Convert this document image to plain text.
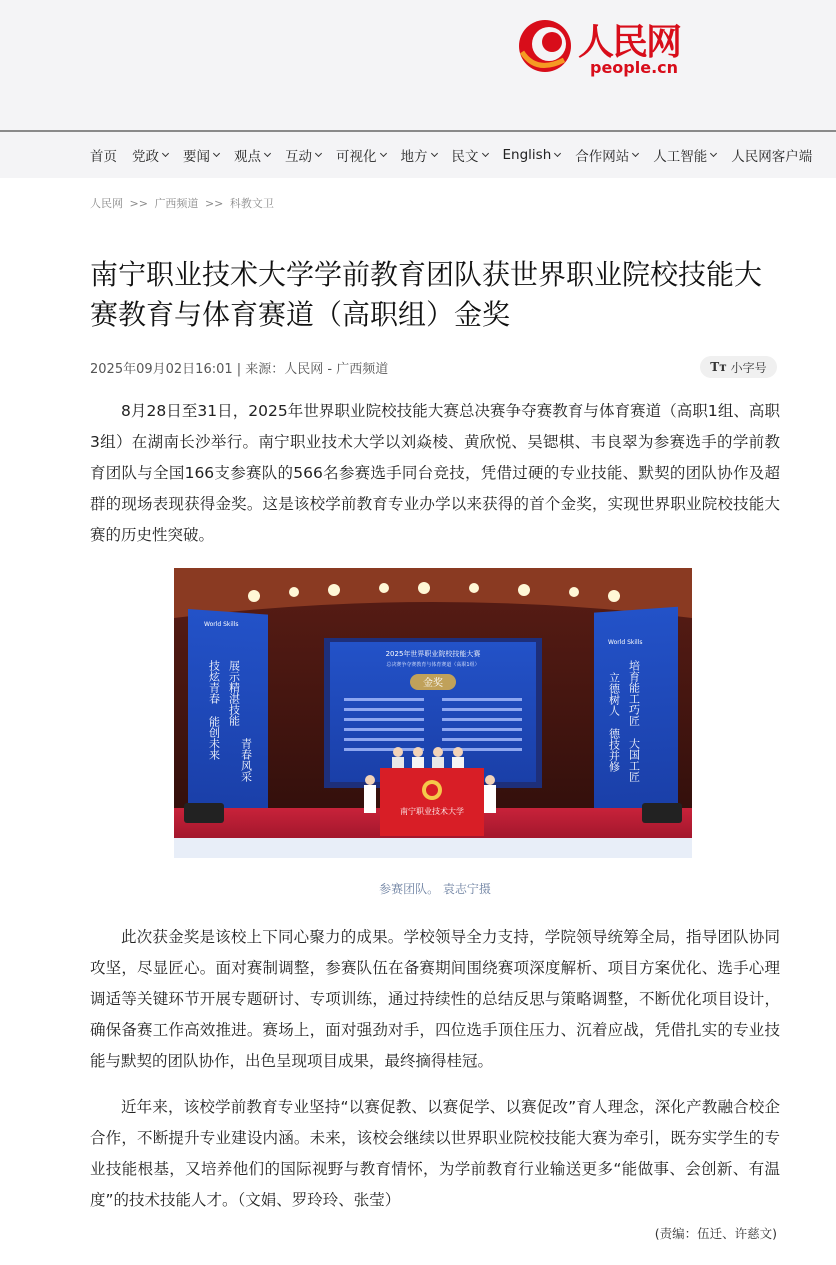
人民网
people.cn
首页 党政 要闻 观点 互动 可视化 地方 民文 English 合作网站 人工智能 人民网客户端
人民网 >> 广西频道 >> 科教文卫
南宁职业技术大学学前教育团队获世界职业院校技能大赛教育与体育赛道（高职组）金奖
2025年09月02日16:01 | 来源：人民网 - 广西频道	Tт 小字号

8月28日至31日，2025年世界职业院校技能大赛总决赛争夺赛教育与体育赛道（高职1组、高职3组）在湖南长沙举行。南宁职业技术大学以刘焱棱、黄欣悦、吴锶棋、韦良翠为参赛选手的学前教育团队与全国166支参赛队的566名参赛选手同台竞技，凭借过硬的专业技能、默契的团队协作及超群的现场表现获得金奖。这是该校学前教育专业办学以来获得的首个金奖，实现世界职业院校技能大赛的历史性突破。

2025年世界职业院校技能大赛
总决赛争夺赛教育与体育赛道（高职1组）
金奖
World Skills
展示精湛技能
青春风采
技炫青春
能创未来
World Skills
培育能工巧匠
大国工匠
立德树人
德技并修
南宁职业技术大学
参赛团队。 袁志宁摄

此次获金奖是该校上下同心聚力的成果。学校领导全力支持，学院领导统筹全局，指导团队协同攻坚，尽显匠心。面对赛制调整，参赛队伍在备赛期间围绕赛项深度解析、项目方案优化、选手心理调适等关键环节开展专题研讨、专项训练，通过持续性的总结反思与策略调整，不断优化项目设计，确保备赛工作高效推进。赛场上，面对强劲对手，四位选手顶住压力、沉着应战，凭借扎实的专业技能与默契的团队协作，出色呈现项目成果，最终摘得桂冠。

近年来，该校学前教育专业坚持“以赛促教、以赛促学、以赛促改”育人理念，深化产教融合校企合作，不断提升专业建设内涵。未来，该校会继续以世界职业院校技能大赛为牵引，既夯实学生的专业技能根基，又培养他们的国际视野与教育情怀，为学前教育行业输送更多“能做事、会创新、有温度”的技术技能人才。（文娟、罗玲玲、张莹）

(责编：伍迁、许慈文)
